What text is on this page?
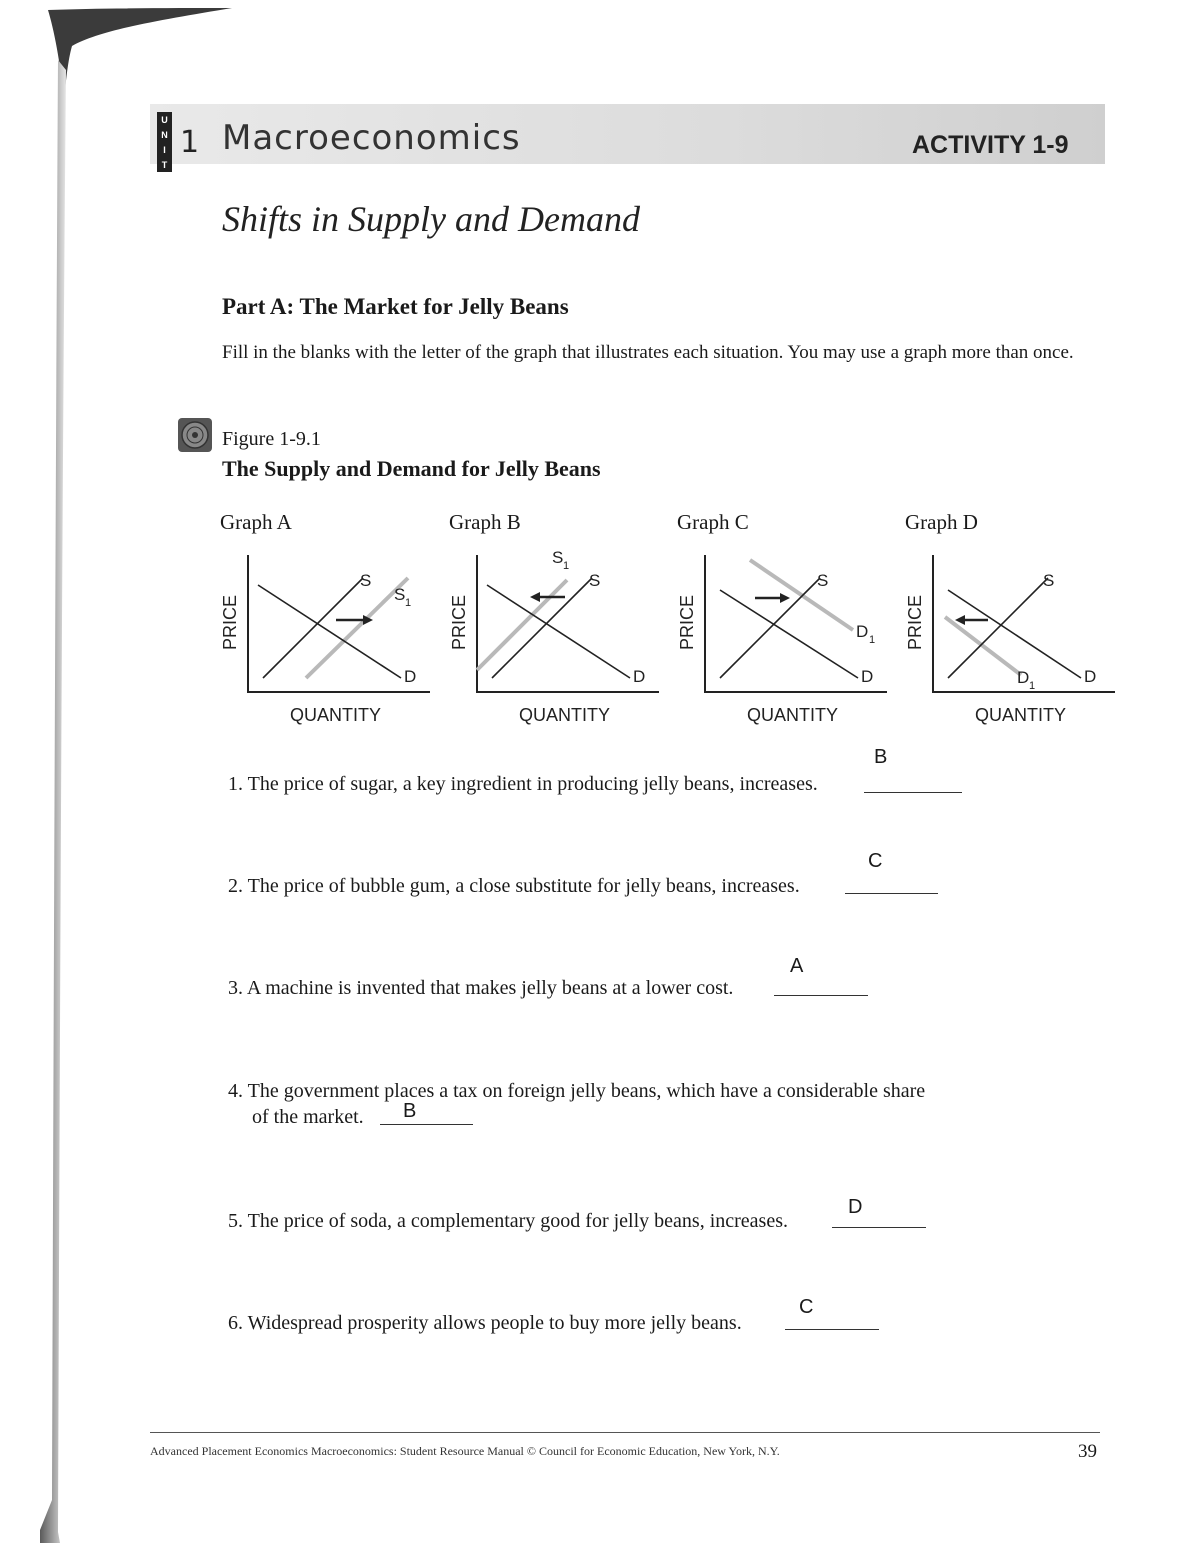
U
N
I
T
1 Macroeconomics	ACTIVITY 1-9
Shifts in Supply and Demand
Part A: The Market for Jelly Beans
Fill in the blanks with the letter of the graph that illustrates each situation. You may use a graph more than once.
Figure 1-9.1
The Supply and Demand for Jelly Beans
Graph A
PRICE
S
S 1
D
QUANTITY
Graph B
PRICE
S 1
S
D
QUANTITY
Graph C
PRICE
S
D 1
D
QUANTITY
Graph D
PRICE
S
D 1	D
QUANTITY
1. The price of sugar, a key ingredient in producing jelly beans, increases.
B
2. The price of bubble gum, a close substitute for jelly beans, increases.
C
3. A machine is invented that makes jelly beans at a lower cost.
A
4. The government places a tax on foreign jelly beans, which have a considerable share
of the market. B
5. The price of soda, a complementary good for jelly beans, increases.
D
6. Widespread prosperity allows people to buy more jelly beans.
C
Advanced Placement Economics Macroeconomics: Student Resource Manual © Council for Economic Education, New York, N.Y.	39
